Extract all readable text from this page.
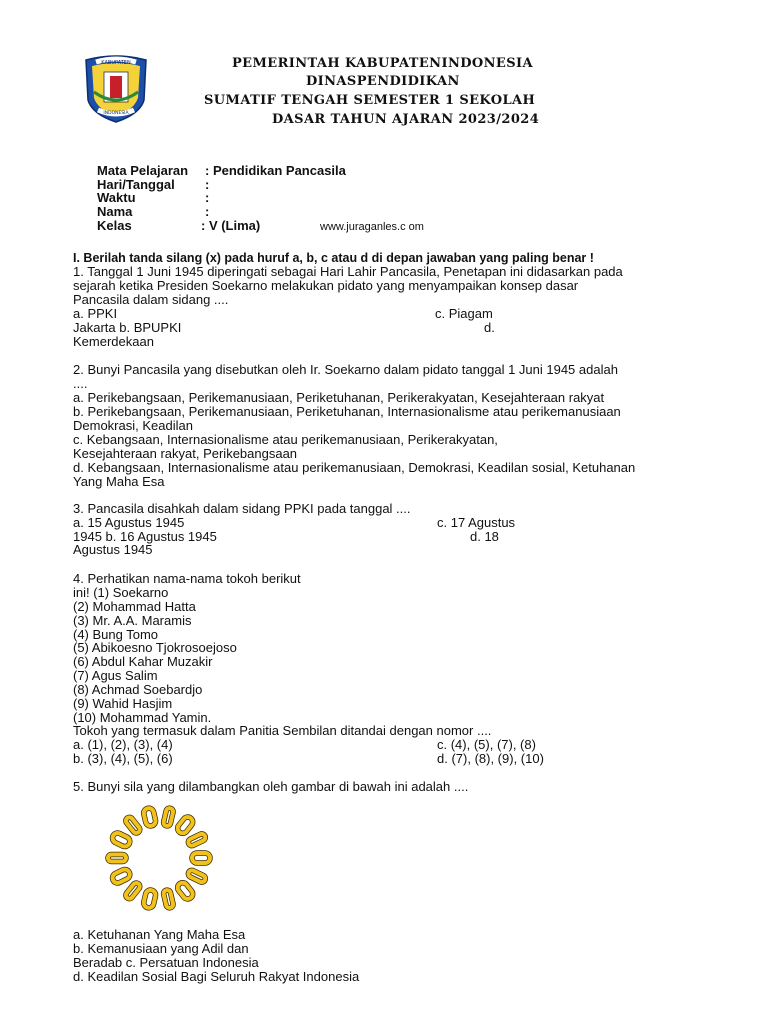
KABUPATEN
INDONESIA
PEMERINTAH KABUPATENINDONESIA
DINASPENDIDIKAN
SUMATIF TENGAH SEMESTER 1 SEKOLAH
DASAR TAHUN AJARAN 2023/2024
Mata Pelajaran : Pendidikan Pancasila
Hari/Tanggal :
Waktu	:
Nama	:
Kelas	: V (Lima)	www.juraganles.c om
I. Berilah tanda silang (x) pada huruf a, b, c atau d di depan jawaban yang paling benar !
1. Tanggal 1 Juni 1945 diperingati sebagai Hari Lahir Pancasila, Penetapan ini didasarkan pada
sejarah ketika Presiden Soekarno melakukan pidato yang menyampaikan konsep dasar
Pancasila dalam sidang ....
a. PPKI	c. Piagam
Jakarta b. BPUPKI	d.
Kemerdekaan
2. Bunyi Pancasila yang disebutkan oleh Ir. Soekarno dalam pidato tanggal 1 Juni 1945 adalah
....
a. Perikebangsaan, Perikemanusiaan, Periketuhanan, Perikerakyatan, Kesejahteraan rakyat
b. Perikebangsaan, Perikemanusiaan, Periketuhanan, Internasionalisme atau perikemanusiaan
Demokrasi, Keadilan
c. Kebangsaan, Internasionalisme atau perikemanusiaan, Perikerakyatan,
Kesejahteraan rakyat, Perikebangsaan
d. Kebangsaan, Internasionalisme atau perikemanusiaan, Demokrasi, Keadilan sosial, Ketuhanan
Yang Maha Esa
3. Pancasila disahkah dalam sidang PPKI pada tanggal ....
a. 15 Agustus 1945	c. 17 Agustus
1945 b. 16 Agustus 1945	d. 18
Agustus 1945
4. Perhatikan nama-nama tokoh berikut
ini! (1) Soekarno
(2) Mohammad Hatta
(3) Mr. A.A. Maramis
(4) Bung Tomo
(5) Abikoesno Tjokrosoejoso
(6) Abdul Kahar Muzakir
(7) Agus Salim
(8) Achmad Soebardjo
(9) Wahid Hasjim
(10) Mohammad Yamin.
Tokoh yang termasuk dalam Panitia Sembilan ditandai dengan nomor ....
a. (1), (2), (3), (4)	c. (4), (5), (7), (8)
b. (3), (4), (5), (6)	d. (7), (8), (9), (10)
5. Bunyi sila yang dilambangkan oleh gambar di bawah ini adalah ....
a. Ketuhanan Yang Maha Esa
b. Kemanusiaan yang Adil dan
Beradab c. Persatuan Indonesia
d. Keadilan Sosial Bagi Seluruh Rakyat Indonesia
